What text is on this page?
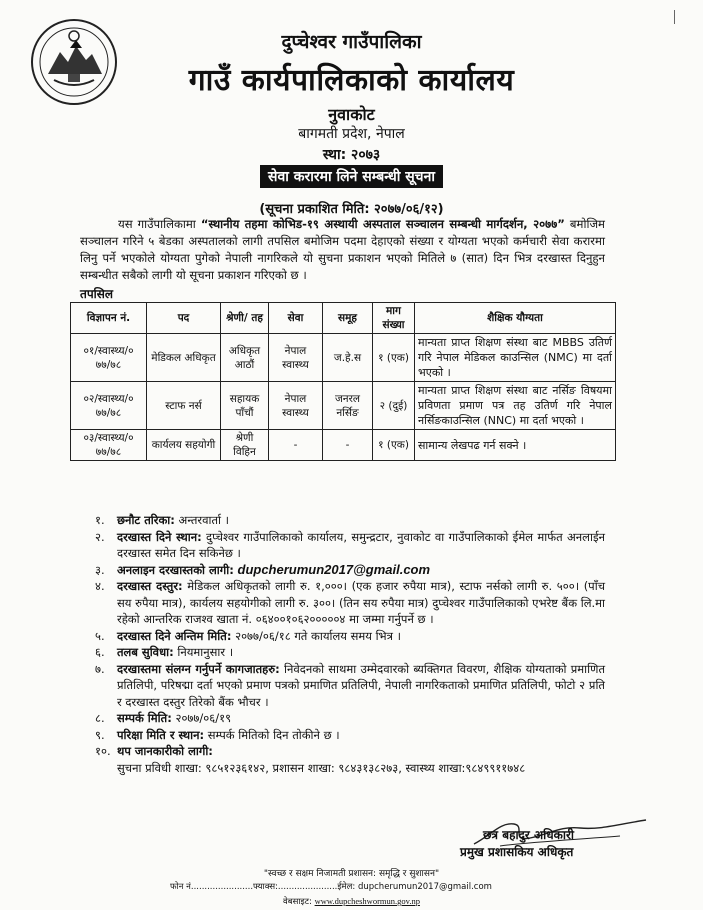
दुप्चेश्वर गाउँपालिका
गाउँ कार्यपालिकाको कार्यालय
नुवाकोट
बागमती प्रदेश, नेपाल
स्था: २०७३
सेवा करारमा लिने सम्बन्धी सूचना
(सूचना प्रकाशित मिति: २०७७/०६/१२)
यस गाउँपालिकामा “स्थानीय तहमा कोभिड-१९ अस्थायी अस्पताल सञ्चालन सम्बन्धी मार्गदर्शन, २०७७” बमोजिम सञ्चालन गरिने ५ बेडका अस्पतालको लागी तपसिल बमोजिम पदमा देहाएको संख्या र योग्यता भएको कर्मचारी सेवा करारमा लिनु पर्ने भएकोले योग्यता पुगेको नेपाली नागरिकले यो सुचना प्रकाशन भएको मितिले ७ (सात) दिन भित्र दरखास्त दिनुहुन सम्बन्धीत सबैको लागी यो सूचना प्रकाशन गरिएको छ ।
तपसिल
विज्ञापन नं.	पद	श्रेणी/ तह	सेवा	समूह	माग संख्या	शैक्षिक यौग्यता
०१/स्वास्थ्य/० ७७/७८	मेडिकल अधिकृत	अधिकृत आठौं	नेपाल स्वास्थ्य	ज.हे.स	१ (एक)	मान्यता प्राप्त शिक्षण संस्था बाट MBBS उतिर्ण गरि नेपाल मेडिकल काउन्सिल (NMC) मा दर्ता भएको ।
०२/स्वास्थ्य/० ७७/७८	स्टाफ नर्स	सहायक पाँचौं	नेपाल स्वास्थ्य	जनरल नर्सिङ	२ (दुई)	मान्यता प्राप्त शिक्षण संस्था बाट नर्सिङ विषयमा प्रविणता प्रमाण पत्र तह उतिर्ण गरि नेपाल नर्सिङकाउन्सिल (NNC) मा दर्ता भएको ।
०३/स्वास्थ्य/० ७७/७८	कार्यलय सहयोगी	श्रेणी विहिन	-	-	१ (एक)	सामान्य लेखपढ गर्न सक्ने ।
१.	छनौट तरिका: अन्तरवार्ता ।
२.	दरखास्त दिने स्थान: दुप्चेश्वर गाउँपालिकाको कार्यालय, समुन्द्रटार, नुवाकोट वा गाउँपालिकाको ईमेल मार्फत अनलाईन दरखास्त समेत दिन सकिनेछ ।
३.	अनलाइन दरखास्तको लागी: dupcherumun2017@gmail.com
४.	दरखास्त दस्तुर: मेडिकल अधिकृतको लागी रु. १,०००। (एक हजार रुपैया मात्र), स्टाफ नर्सको लागी रु. ५००। (पाँच सय रुपैया मात्र), कार्यलय सहयोगीको लागी रु. ३००। (तिन सय रुपैया मात्र) दुप्चेश्वर गाउँपालिकाको एभरेष्ट बैंक लि.मा रहेको आन्तरिक राजश्व खाता नं. ०६४००१०६२०००००४ मा जम्मा गर्नुपर्ने छ ।
५.	दरखास्त दिने अन्तिम मिति: २०७७/०६/१८ गते कार्यालय समय भित्र ।
६.	तलब सुविधा: नियमानुसार ।
७.	दरखास्तमा संलग्न गर्नुपर्ने कागजातहरु: निवेदनको साथमा उम्मेदवारको ब्यक्तिगत विवरण, शैक्षिक योग्यताको प्रमाणित प्रतिलिपी, परिषद्मा दर्ता भएको प्रमाण पत्रको प्रमाणित प्रतिलिपी, नेपाली नागरिकताको प्रमाणित प्रतिलिपी, फोटो २ प्रति र दरखास्त दस्तुर तिरेको बैंक भौचर ।
८.	सम्पर्क मिति: २०७७/०६/१९
९.	परिक्षा मिति र स्थान: सम्पर्क मितिको दिन तोकीने छ ।
१०. थप जानकारीको लागी:
सुचना प्रविधी शाखा: ९८५१२३६१४२, प्रशासन शाखा: ९८४३१३८२७३, स्वास्थ्य शाखा:९८४९९११७४८
छत्र बहादुर अधिकारी
प्रमुख प्रशासकिय अधिकृत
"स्वच्छ र सक्षम निजामती प्रशासन: समृद्धि र सुशासन"
फोन नं.......................फ्याक्स:......................ईमेल: dupcherumun2017@gmail.com
वेबसाइट: www.dupcheshwormun.gov.np
